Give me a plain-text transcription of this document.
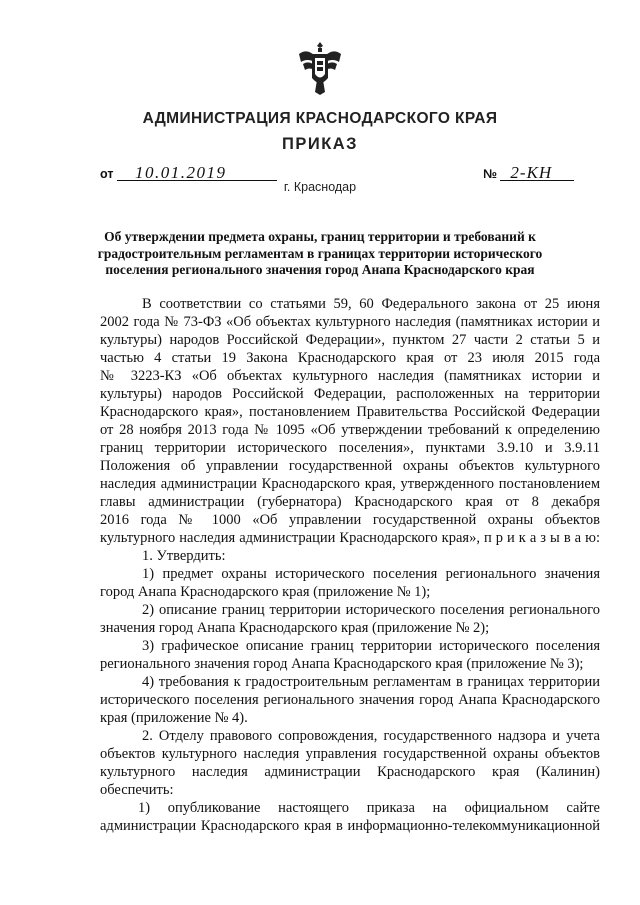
АДМИНИСТРАЦИЯ КРАСНОДАРСКОГО КРАЯ
ПРИКАЗ
от 10.01.2019	№ 2-КН
г. Краснодар
Об утверждении предмета охраны, границ территории и требований к
градостроительным регламентам в границах территории исторического
поселения регионального значения город Анапа Краснодарского края
В соответствии со статьями 59, 60 Федерального закона от 25 июня
2002 года № 73-ФЗ «Об объектах культурного наследия (памятниках истории и
культуры) народов Российской Федерации», пунктом 27 части 2 статьи 5 и
частью 4 статьи 19 Закона Краснодарского края от 23 июля 2015 года
№ 3223-КЗ «Об объектах культурного наследия (памятниках истории и
культуры) народов Российской Федерации, расположенных на территории
Краснодарского края», постановлением Правительства Российской Федерации
от 28 ноября 2013 года № 1095 «Об утверждении требований к определению
границ территории исторического поселения», пунктами 3.9.10 и 3.9.11
Положения об управлении государственной охраны объектов культурного
наследия администрации Краснодарского края, утвержденного постановлением
главы администрации (губернатора) Краснодарского края от 8 декабря
2016 года № 1000 «Об управлении государственной охраны объектов
культурного наследия администрации Краснодарского края», п р и к а з ы в а ю:
1. Утвердить:
1) предмет охраны исторического поселения регионального значения
город Анапа Краснодарского края (приложение № 1);
2) описание границ территории исторического поселения регионального
значения город Анапа Краснодарского края (приложение № 2);
3) графическое описание границ территории исторического поселения
регионального значения город Анапа Краснодарского края (приложение № 3);
4) требования к градостроительным регламентам в границах территории
исторического поселения регионального значения город Анапа Краснодарского
края (приложение № 4).
2. Отделу правового сопровождения, государственного надзора и учета
объектов культурного наследия управления государственной охраны объектов
культурного наследия администрации Краснодарского края (Калинин)
обеспечить:
1) опубликование настоящего приказа на официальном сайте
администрации Краснодарского края в информационно-телекоммуникационной
